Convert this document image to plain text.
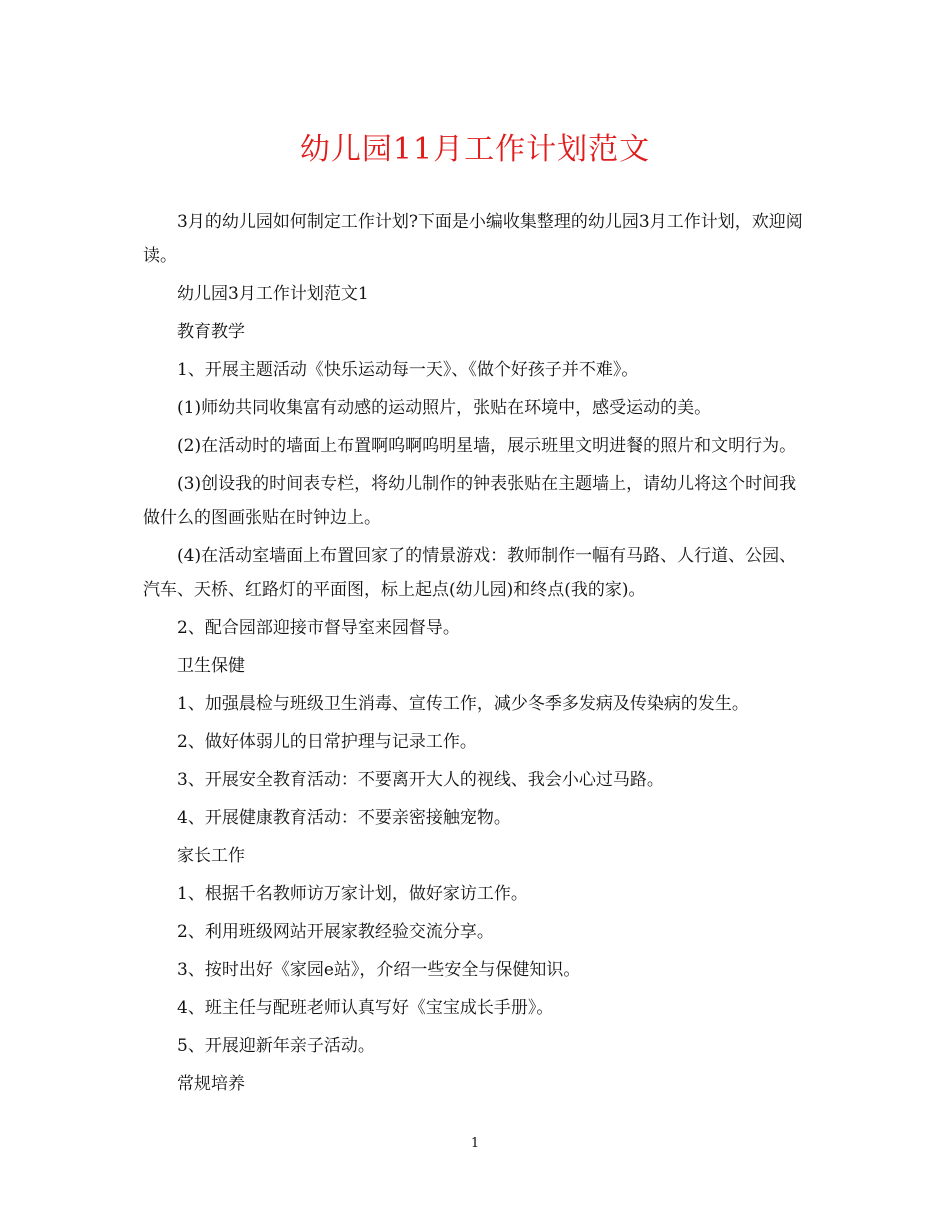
幼儿园11月工作计划范文

3月的幼儿园如何制定工作计划?下面是小编收集整理的幼儿园3月工作计划，欢迎阅读。

幼儿园3月工作计划范文1

教育教学

1、开展主题活动《快乐运动每一天》、《做个好孩子并不难》。

(1)师幼共同收集富有动感的运动照片，张贴在环境中，感受运动的美。

(2)在活动时的墙面上布置啊呜啊呜明星墙，展示班里文明进餐的照片和文明行为。

(3)创设我的时间表专栏，将幼儿制作的钟表张贴在主题墙上，请幼儿将这个时间我做什么的图画张贴在时钟边上。

(4)在活动室墙面上布置回家了的情景游戏：教师制作一幅有马路、人行道、公园、汽车、天桥、红路灯的平面图，标上起点(幼儿园)和终点(我的家)。

2、配合园部迎接市督导室来园督导。

卫生保健

1、加强晨检与班级卫生消毒、宣传工作，减少冬季多发病及传染病的发生。

2、做好体弱儿的日常护理与记录工作。

3、开展安全教育活动：不要离开大人的视线、我会小心过马路。

4、开展健康教育活动：不要亲密接触宠物。

家长工作

1、根据千名教师访万家计划，做好家访工作。

2、利用班级网站开展家教经验交流分享。

3、按时出好《家园e站》，介绍一些安全与保健知识。

4、班主任与配班老师认真写好《宝宝成长手册》。

5、开展迎新年亲子活动。

常规培养

1
